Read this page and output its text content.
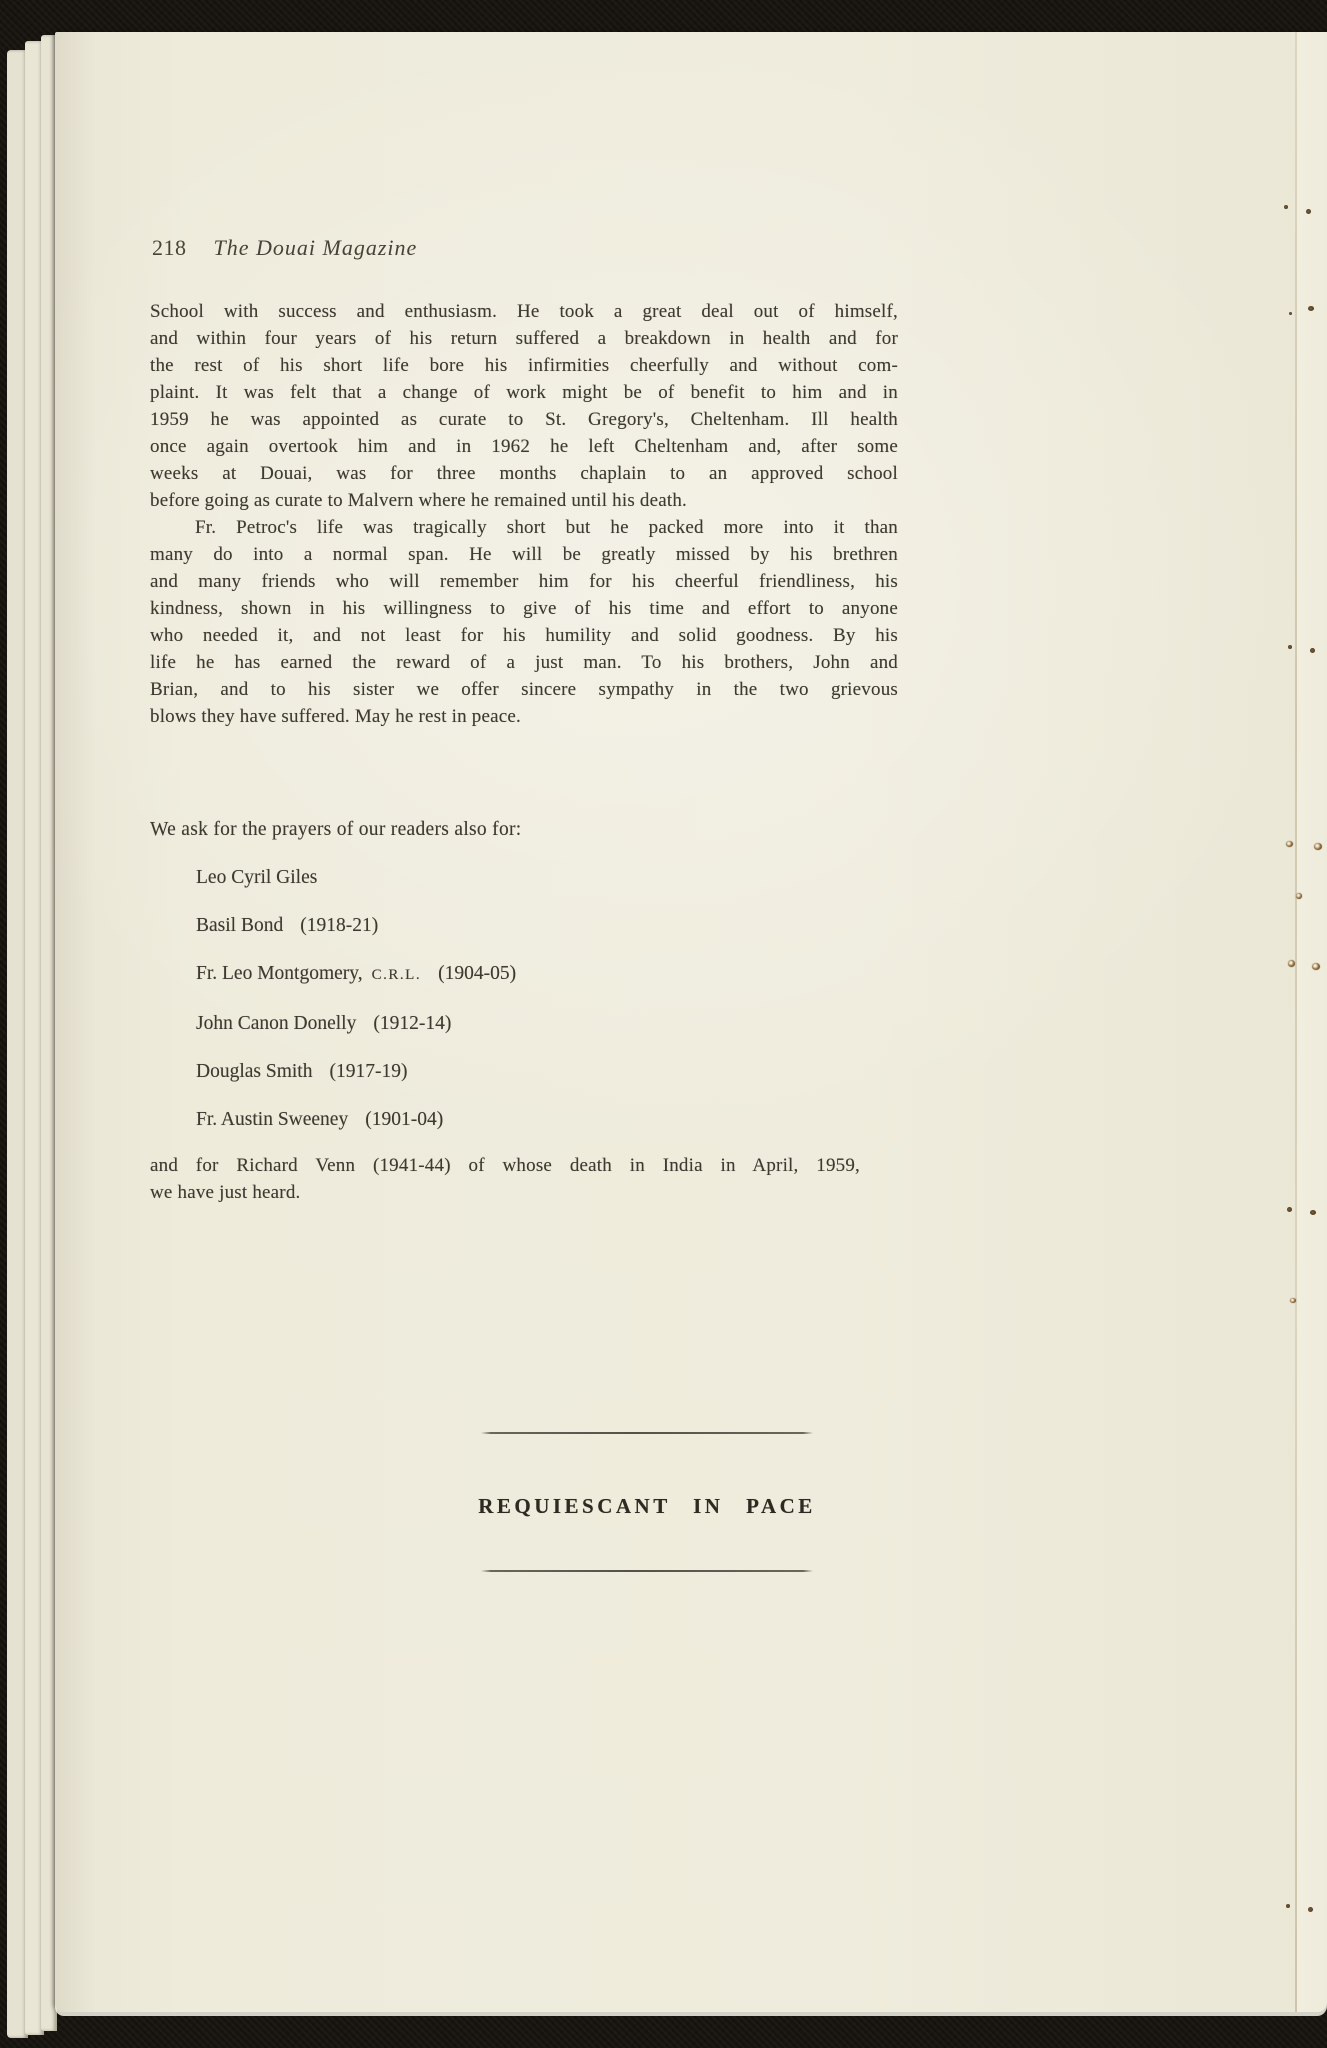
218 The Douai Magazine
School with success and enthusiasm. He took a great deal out of himself,
and within four years of his return suffered a breakdown in health and for
the rest of his short life bore his infirmities cheerfully and without com-
plaint. It was felt that a change of work might be of benefit to him and in
1959 he was appointed as curate to St. Gregory's, Cheltenham. Ill health
once again overtook him and in 1962 he left Cheltenham and, after some
weeks at Douai, was for three months chaplain to an approved school
before going as curate to Malvern where he remained until his death.
Fr. Petroc's life was tragically short but he packed more into it than
many do into a normal span. He will be greatly missed by his brethren
and many friends who will remember him for his cheerful friendliness, his
kindness, shown in his willingness to give of his time and effort to anyone
who needed it, and not least for his humility and solid goodness. By his
life he has earned the reward of a just man. To his brothers, John and
Brian, and to his sister we offer sincere sympathy in the two grievous
blows they have suffered. May he rest in peace.
We ask for the prayers of our readers also for:
Leo Cyril Giles
Basil Bond (1918-21)
Fr. Leo Montgomery, C.R.L. (1904-05)
John Canon Donelly (1912-14)
Douglas Smith (1917-19)
Fr. Austin Sweeney (1901-04)
and for Richard Venn (1941-44) of whose death in India in April, 1959,
we have just heard.
REQUIESCANT IN PACE
